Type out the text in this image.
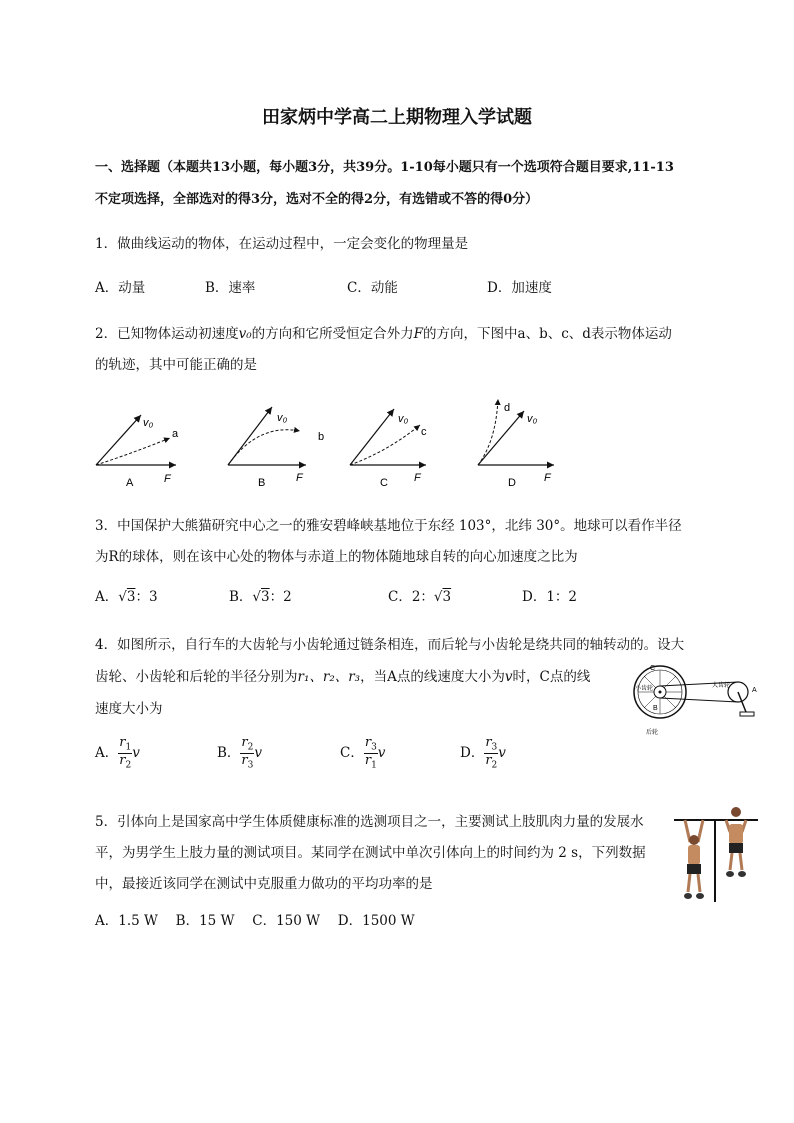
田家炳中学高二上期物理入学试题
一、选择题（本题共13小题，每小题3分，共39分。1-10每小题只有一个选项符合题目要求,11-13
不定项选择，全部选对的得3分，选对不全的得2分，有选错或不答的得0分）
1．做曲线运动的物体，在运动过程中，一定会变化的物理量是
A．动量	B．速率	C．动能	D．加速度
2．已知物体运动初速度v₀的方向和它所受恒定合外力F的方向，下图中a、b、c、d表示物体运动
的轨迹，其中可能正确的是
v₀
a
F
A
v₀
b
F
B
v₀
c
F
C
v₀
d
F
D
3．中国保护大熊猫研究中心之一的雅安碧峰峡基地位于东经 103°，北纬 30°。地球可以看作半径
为R的球体，则在该中心处的物体与赤道上的物体随地球自转的向心加速度之比为
A．√3：3	B．√3：2	C．2：√3	D．1：2
4．如图所示，自行车的大齿轮与小齿轮通过链条相连，而后轮与小齿轮是绕共同的轴转动的。设大
齿轮、小齿轮和后轮的半径分别为r₁、r₂、r₃，当A点的线速度大小为v时，C点的线
速度大小为
小齿轮	大齿轮
后轮
A
B
C
A． $\frac{r_1}{r_2}$ v	B． $\frac{r_2}{r_3}$ v	C． $\frac{r_3}{r_1}$ v	D． $\frac{r_3}{r_2}$ v
5．引体向上是国家高中学生体质健康标准的选测项目之一，主要测试上肢肌肉力量的发展水
平，为男学生上肢力量的测试项目。某同学在测试中单次引体向上的时间约为 2 s，下列数据
中，最接近该同学在测试中克服重力做功的平均功率的是
A．1.5 W　 B．15 W　 C．150 W　 D．1500 W
